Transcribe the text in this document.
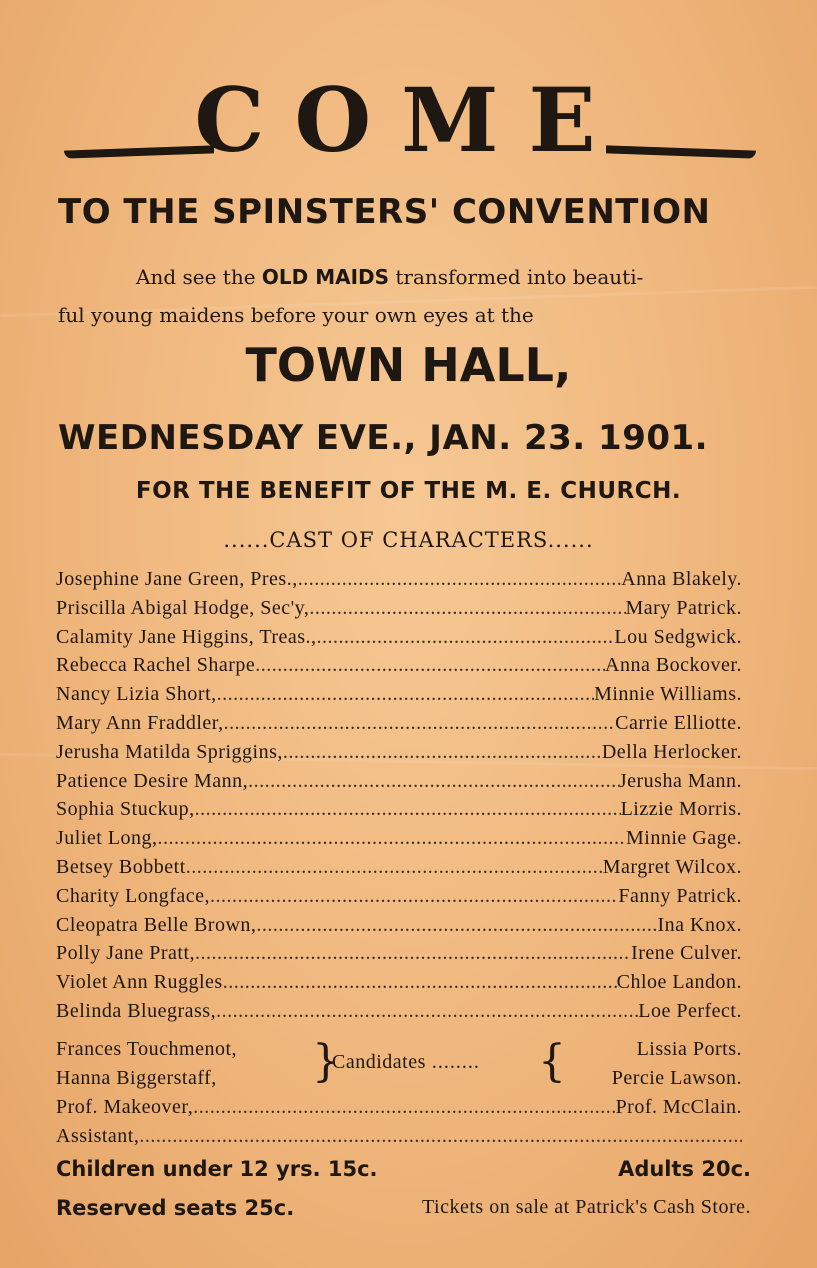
COME
TO THE SPINSTERS' CONVENTION
And see the OLD MAIDS transformed into beauti-
ful young maidens before your own eyes at the
TOWN HALL,
WEDNESDAY EVE., JAN. 23. 1901.
FOR THE BENEFIT OF THE M. E. CHURCH.
......CAST OF CHARACTERS......
Josephine Jane Green, Pres., .....	Anna Blakely.
Priscilla Abigal Hodge, Sec'y, .....	Mary Patrick.
Calamity Jane Higgins, Treas., .....	Lou Sedgwick.
Rebecca Rachel Sharpe .....	Anna Bockover.
Nancy Lizia Short, .....	Minnie Williams.
Mary Ann Fraddler, .....	Carrie Elliotte.
Jerusha Matilda Spriggins, .....	Della Herlocker.
Patience Desire Mann, .....	Jerusha Mann.
Sophia Stuckup, .....	Lizzie Morris.
Juliet Long, .....	Minnie Gage.
Betsey Bobbett .....	Margret Wilcox.
Charity Longface, .....	Fanny Patrick.
Cleopatra Belle Brown, .....	Ina Knox.
Polly Jane Pratt, .....	Irene Culver.
Violet Ann Ruggles .....	Chloe Landon.
Belinda Bluegrass, .....	Loe Perfect.
Frances Touchmenot,
Hanna Biggerstaff, }
Candidates ........ {	Lissia Ports.
Percie Lawson.
Prof. Makeover, .....	Prof. McClain.
Assistant,
.....
Children under 12 yrs. 15c.	Adults 20c.
Reserved seats 25c.	Tickets on sale at Patrick's Cash Store.
